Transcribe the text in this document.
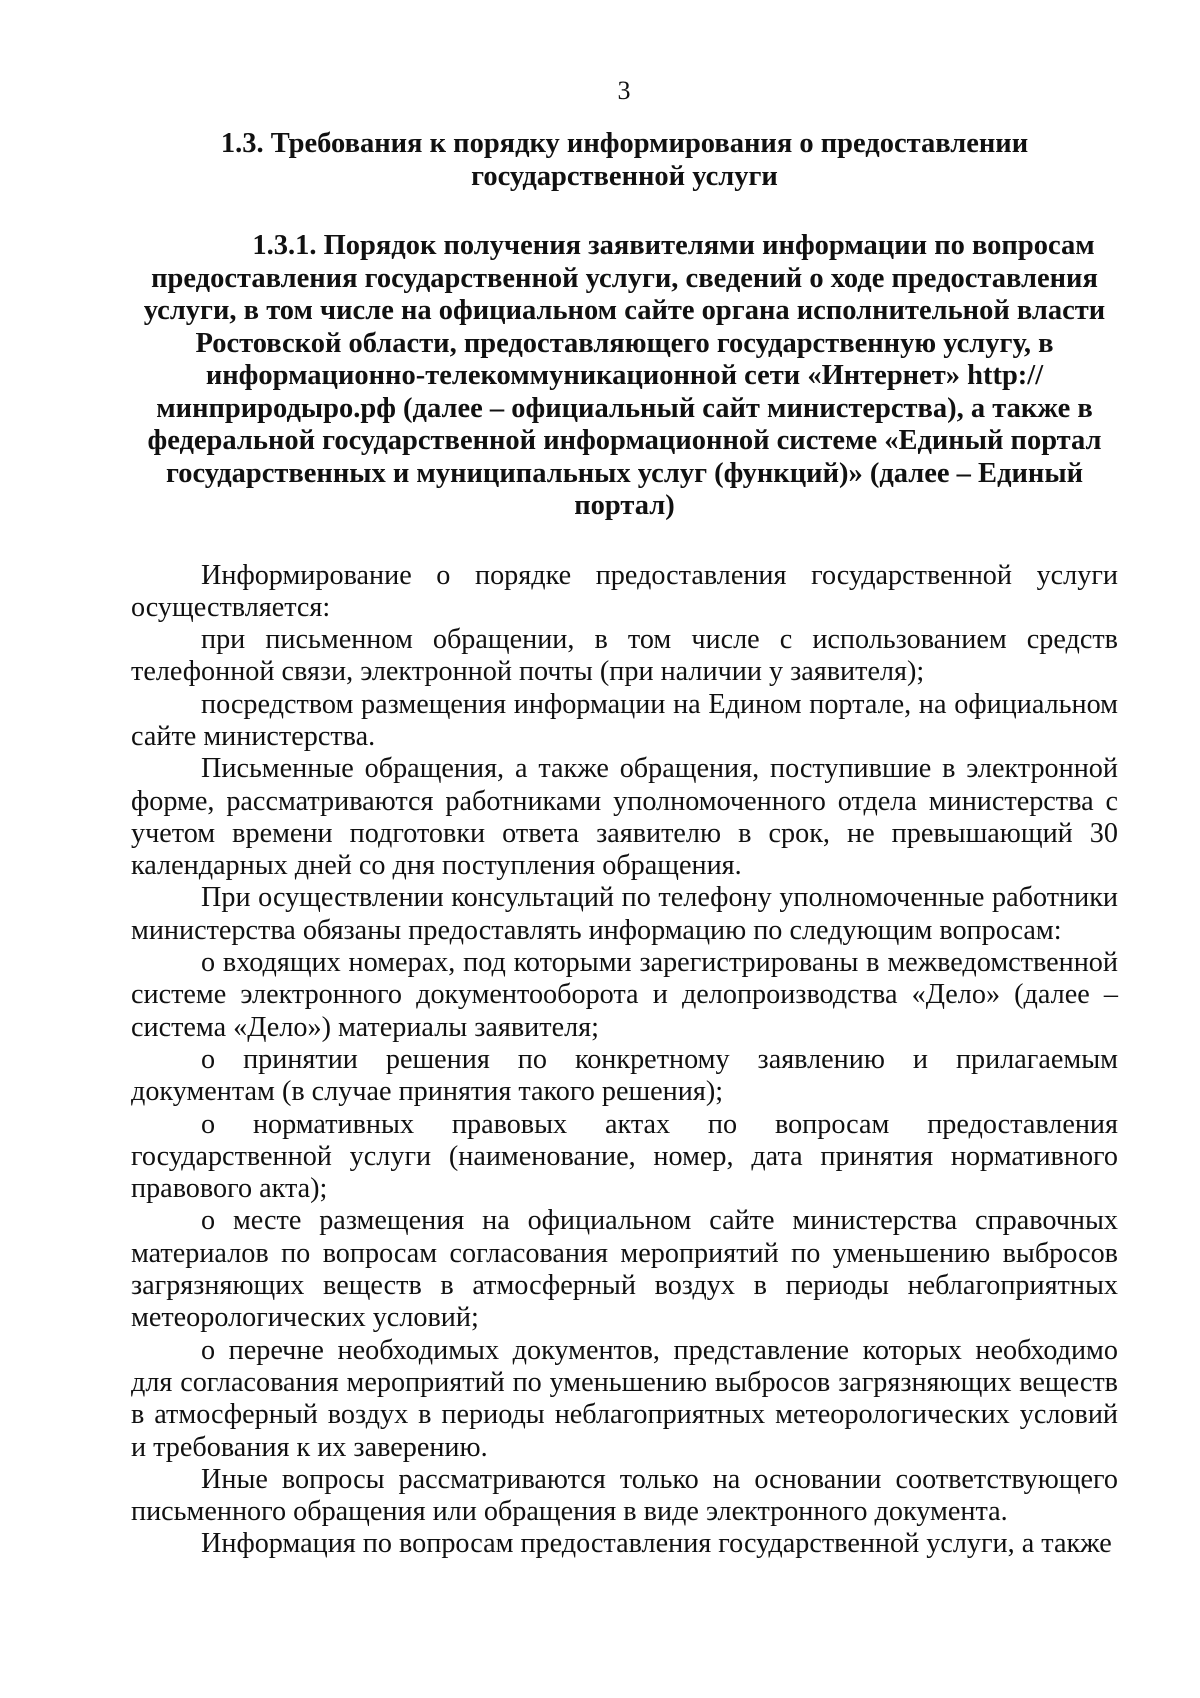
3
1.3. Требования к порядку информирования о предоставлении государственной услуги
1.3.1. Порядок получения заявителями информации по вопросам предоставления государственной услуги, сведений о ходе предоставления услуги, в том числе на официальном сайте органа исполнительной власти Ростовской области, предоставляющего государственную услугу, в информационно-телекоммуникационной сети «Интернет» http://минприродыро.рф (далее – официальный сайт министерства), а также в федеральной государственной информационной системе «Единый портал государственных и муниципальных услуг (функций)» (далее – Единый портал)

Информирование о порядке предоставления государственной услуги осуществляется:

при письменном обращении, в том числе с использованием средств телефонной связи, электронной почты (при наличии у заявителя);

посредством размещения информации на Едином портале, на официальном сайте министерства.

Письменные обращения, а также обращения, поступившие в электронной форме, рассматриваются работниками уполномоченного отдела министерства с учетом времени подготовки ответа заявителю в срок, не превышающий 30 календарных дней со дня поступления обращения.

При осуществлении консультаций по телефону уполномоченные работники министерства обязаны предоставлять информацию по следующим вопросам:

о входящих номерах, под которыми зарегистрированы в межведомственной системе электронного документооборота и делопроизводства «Дело» (далее – система «Дело») материалы заявителя;

о принятии решения по конкретному заявлению и прилагаемым документам (в случае принятия такого решения);

о нормативных правовых актах по вопросам предоставления государственной услуги (наименование, номер, дата принятия нормативного правового акта);

о месте размещения на официальном сайте министерства справочных материалов по вопросам согласования мероприятий по уменьшению выбросов загрязняющих веществ в атмосферный воздух в периоды неблагоприятных метеорологических условий;

о перечне необходимых документов, представление которых необходимо для согласования мероприятий по уменьшению выбросов загрязняющих веществ в атмосферный воздух в периоды неблагоприятных метеорологических условий и требования к их заверению.

Иные вопросы рассматриваются только на основании соответствующего письменного обращения или обращения в виде электронного документа.

Информация по вопросам предоставления государственной услуги, а также
